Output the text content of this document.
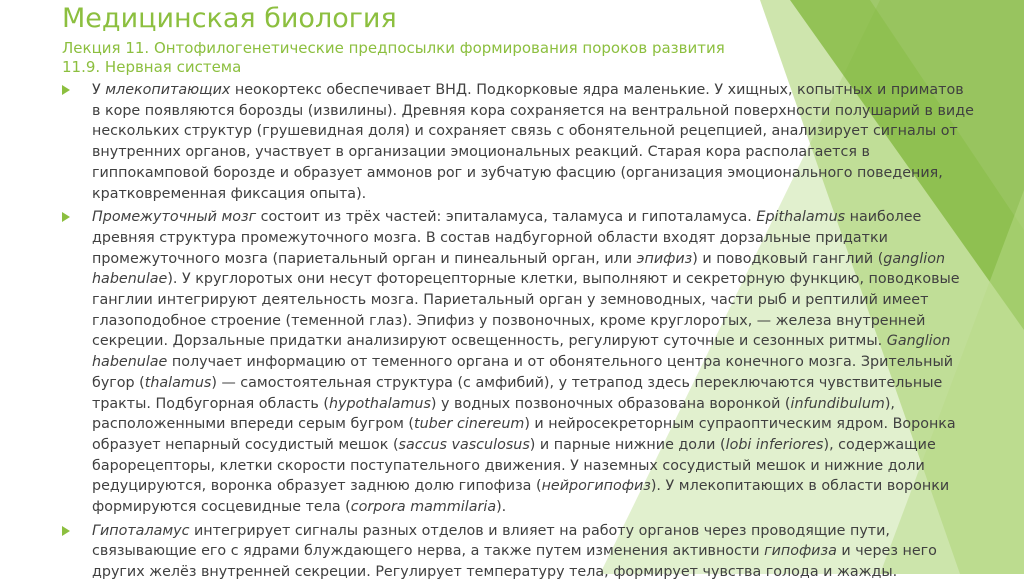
Медицинская биология
Лекция 11. Онтофилогенетические предпосылки формирования пороков развития
11.9. Нервная система
У млекопитающих неокортекс обеспечивает ВНД. Подкорковые ядра маленькие. У хищных, копытных и приматов
в коре появляются борозды (извилины). Древняя кора сохраняется на вентральной поверхности полушарий в виде
нескольких структур (грушевидная доля) и сохраняет связь с обонятельной рецепцией, анализирует сигналы от
внутренних органов, участвует в организации эмоциональных реакций. Старая кора располагается в
гиппокамповой борозде и образует аммонов рог и зубчатую фасцию (организация эмоционального поведения,
кратковременная фиксация опыта).
Промежуточный мозг состоит из трёх частей: эпиталамуса, таламуса и гипоталамуса. Epithalamus наиболее
древняя структура промежуточного мозга. В состав надбугорной области входят дорзальные придатки
промежуточного мозга (париетальный орган и пинеальный орган, или эпифиз) и поводковый ганглий (ganglion
habenulae). У круглоротых они несут фоторецепторные клетки, выполняют и секреторную функцию, поводковые
ганглии интегрируют деятельность мозга. Париетальный орган у земноводных, части рыб и рептилий имеет
глазоподобное строение (теменной глаз). Эпифиз у позвоночных, кроме круглоротых, — железа внутренней
секреции. Дорзальные придатки анализируют освещенность, регулируют суточные и сезонных ритмы. Ganglion
habenulae получает информацию от теменного органа и от обонятельного центра конечного мозга. Зрительный
бугор (thalamus) — самостоятельная структура (с амфибий), у тетрапод здесь переключаются чувствительные
тракты. Подбугорная область (hypothalamus) у водных позвоночных образована воронкой (infundibulum),
расположенными впереди серым бугром (tuber cinereum) и нейросекреторным супраоптическим ядром. Воронка
образует непарный сосудистый мешок (saccus vasculosus) и парные нижние доли (lobi inferiores), содержащие
барорецепторы, клетки скорости поступательного движения. У наземных сосудистый мешок и нижние доли
редуцируются, воронка образует заднюю долю гипофиза (нейрогипофиз). У млекопитающих в области воронки
формируются сосцевидные тела (corpora mammilaria).
Гипоталамус интегрирует сигналы разных отделов и влияет на работу органов через проводящие пути,
связывающие его с ядрами блуждающего нерва, а также путем изменения активности гипофиза и через него
других желёз внутренней секреции. Регулирует температуру тела, формирует чувства голода и жажды.
